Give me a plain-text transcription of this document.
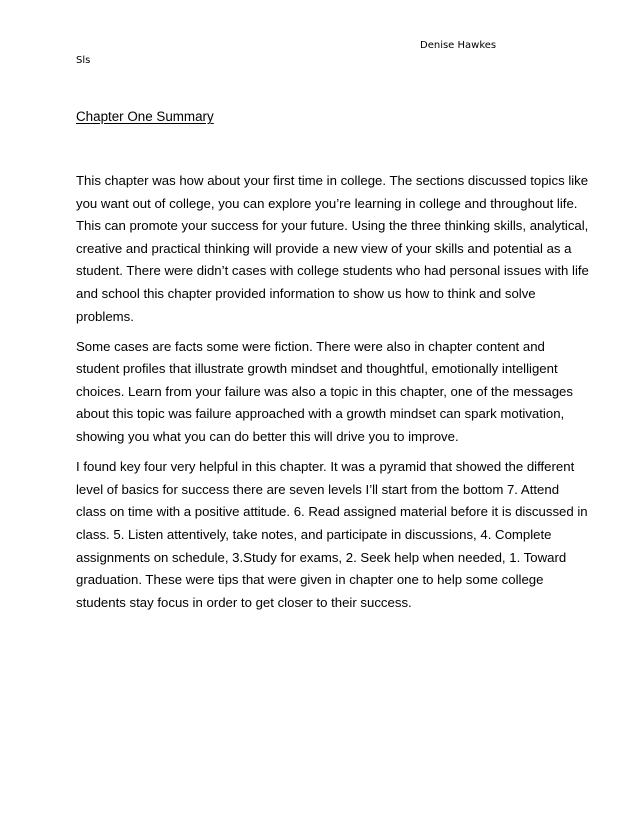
Denise Hawkes
Sls
Chapter One Summary

This chapter was how about your first time in college. The sections discussed topics like
you want out of college, you can explore you’re learning in college and throughout life.
This can promote your success for your future. Using the three thinking skills, analytical,
creative and practical thinking will provide a new view of your skills and potential as a
student. There were didn’t cases with college students who had personal issues with life
and school this chapter provided information to show us how to think and solve
problems.

Some cases are facts some were fiction. There were also in chapter content and
student profiles that illustrate growth mindset and thoughtful, emotionally intelligent
choices. Learn from your failure was also a topic in this chapter, one of the messages
about this topic was failure approached with a growth mindset can spark motivation,
showing you what you can do better this will drive you to improve.

I found key four very helpful in this chapter. It was a pyramid that showed the different
level of basics for success there are seven levels I’ll start from the bottom 7. Attend
class on time with a positive attitude. 6. Read assigned material before it is discussed in
class. 5. Listen attentively, take notes, and participate in discussions, 4. Complete
assignments on schedule, 3.Study for exams, 2. Seek help when needed, 1. Toward
graduation. These were tips that were given in chapter one to help some college
students stay focus in order to get closer to their success.
